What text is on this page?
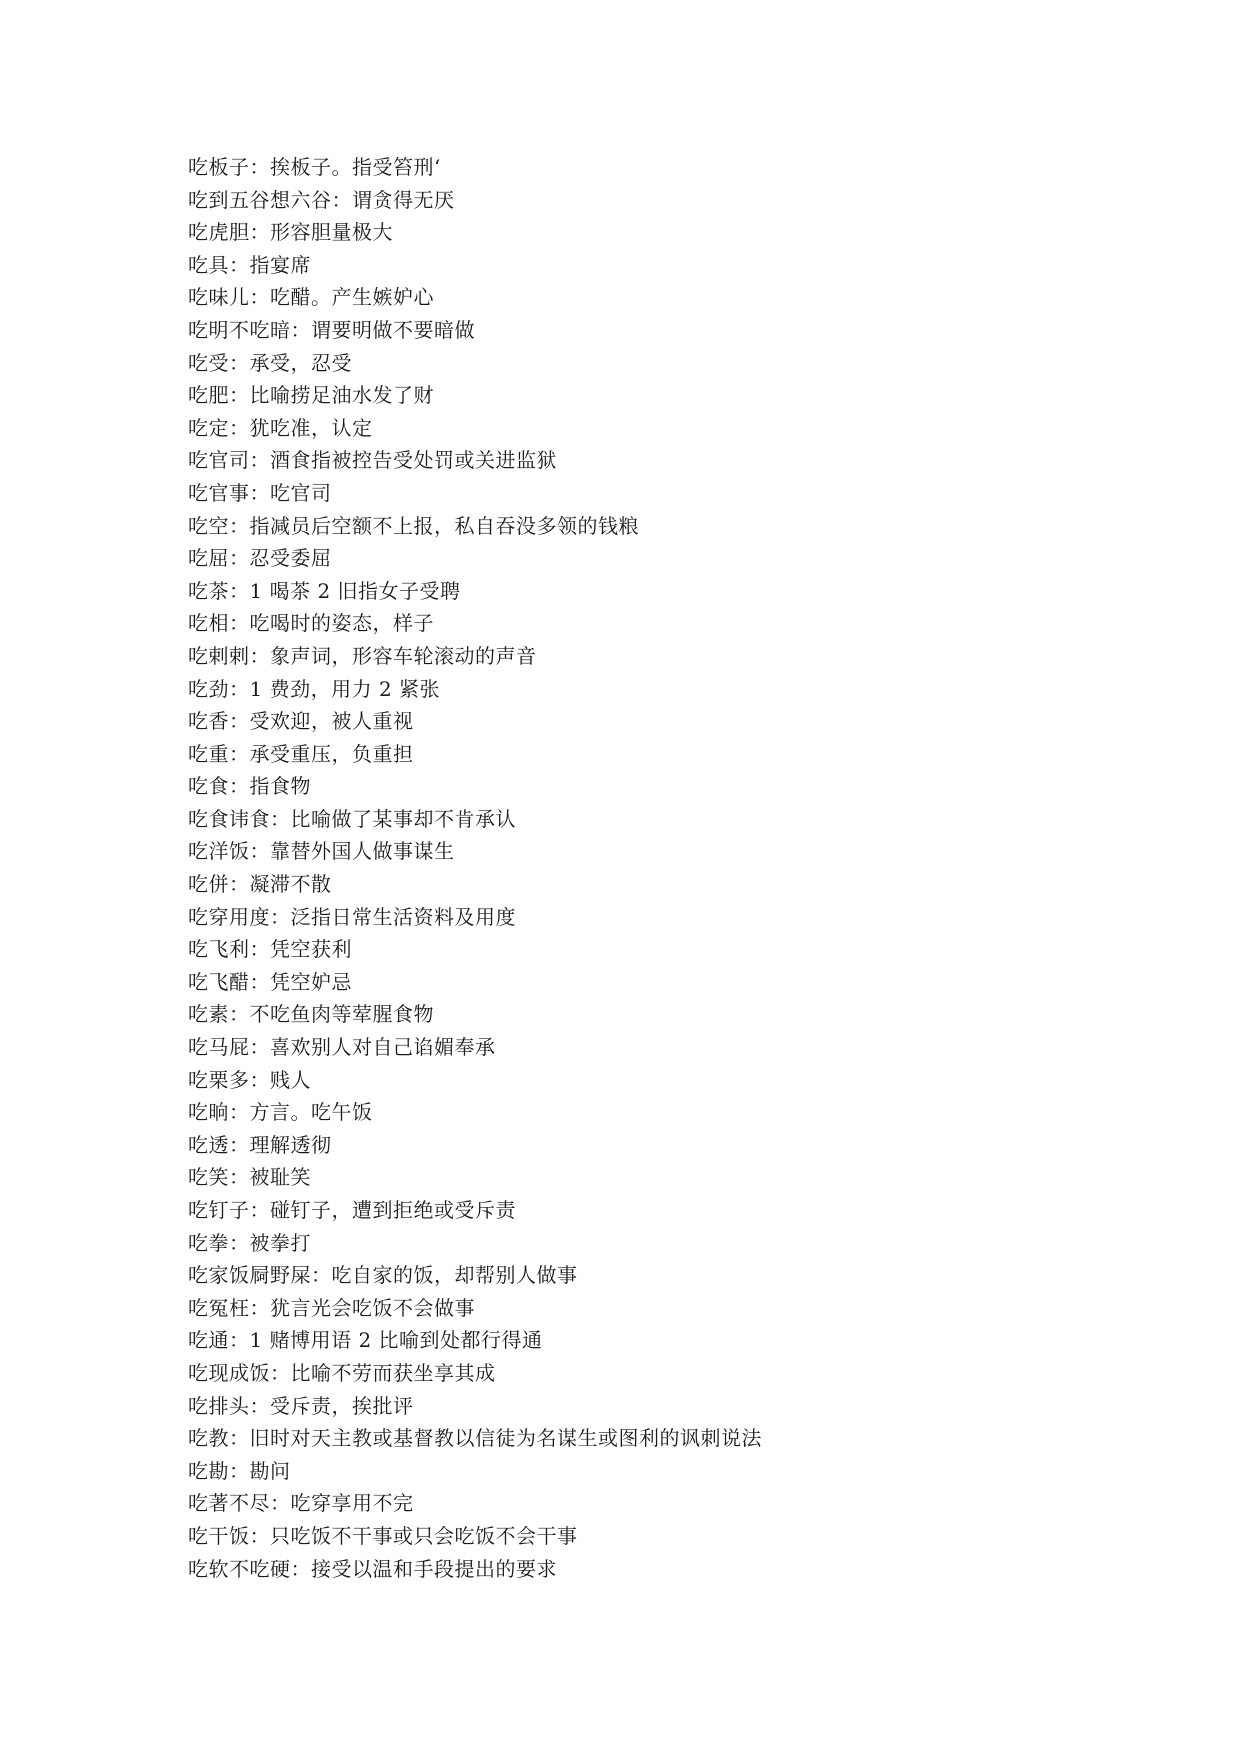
吃板子：挨板子。指受笞刑‘
吃到五谷想六谷：谓贪得无厌
吃虎胆：形容胆量极大
吃具：指宴席
吃味儿：吃醋。产生嫉妒心
吃明不吃暗：谓要明做不要暗做
吃受：承受，忍受
吃肥：比喻捞足油水发了财
吃定：犹吃准，认定
吃官司：酒食指被控告受处罚或关进监狱
吃官事：吃官司
吃空：指减员后空额不上报，私自吞没多领的钱粮
吃屈：忍受委屈
吃茶：1 喝茶 2 旧指女子受聘
吃相：吃喝时的姿态，样子
吃剌剌：象声词，形容车轮滚动的声音
吃劲：1 费劲，用力 2 紧张
吃香：受欢迎，被人重视
吃重：承受重压，负重担
吃食：指食物
吃食讳食：比喻做了某事却不肯承认
吃洋饭：靠替外国人做事谋生
吃併：凝滞不散
吃穿用度：泛指日常生活资料及用度
吃飞利：凭空获利
吃飞醋：凭空妒忌
吃素：不吃鱼肉等荤腥食物
吃马屁：喜欢别人对自己谄媚奉承
吃栗多：贱人
吃晌：方言。吃午饭
吃透：理解透彻
吃笑：被耻笑
吃钉子：碰钉子，遭到拒绝或受斥责
吃拳：被拳打
吃家饭屙野屎：吃自家的饭，却帮别人做事
吃冤枉：犹言光会吃饭不会做事
吃通：1 赌博用语 2 比喻到处都行得通
吃现成饭：比喻不劳而获坐享其成
吃排头：受斥责，挨批评
吃教：旧时对天主教或基督教以信徒为名谋生或图利的讽刺说法
吃勘：勘问
吃著不尽：吃穿享用不完
吃干饭：只吃饭不干事或只会吃饭不会干事
吃软不吃硬：接受以温和手段提出的要求
